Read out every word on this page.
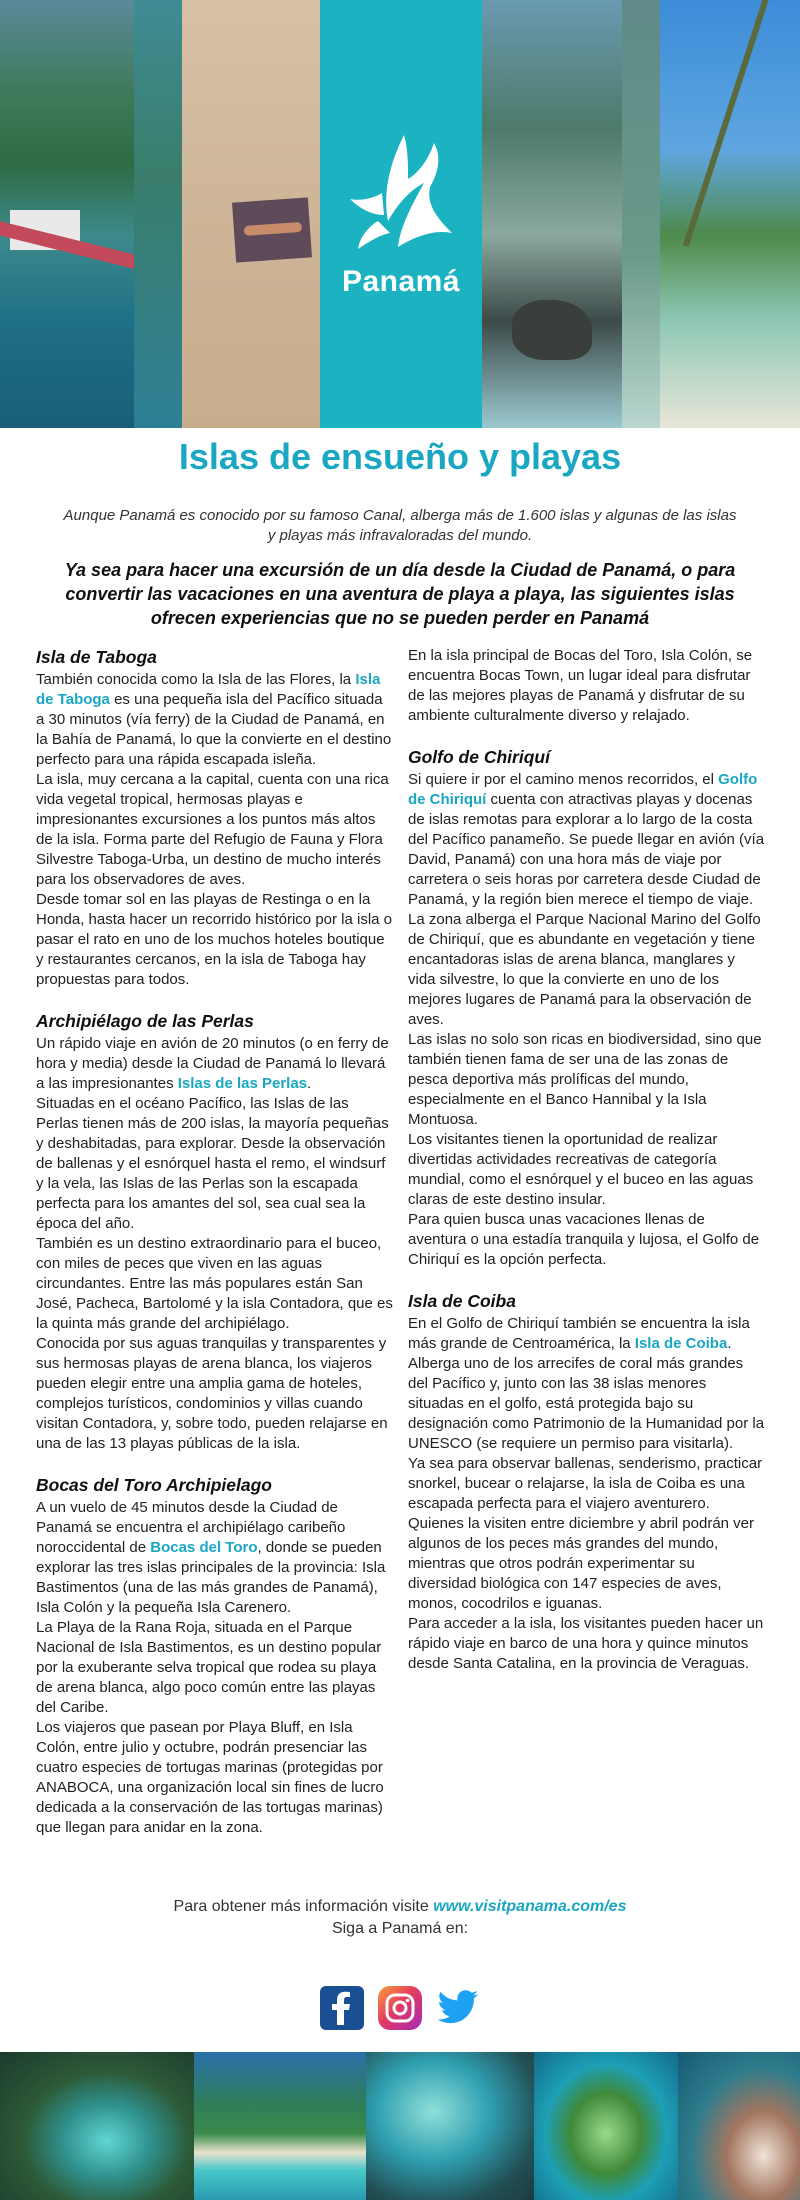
Panamá
Islas de ensueño y playas

Aunque Panamá es conocido por su famoso Canal, alberga más de 1.600 islas y algunas de las islas y playas más infravaloradas del mundo.

Ya sea para hacer una excursión de un día desde la Ciudad de Panamá, o para convertir las vacaciones en una aventura de playa a playa, las siguientes islas ofrecen experiencias que no se pueden perder en Panamá

Isla de Taboga

También conocida como la Isla de las Flores, la Isla de Taboga es una pequeña isla del Pacífico situada a 30 minutos (vía ferry) de la Ciudad de Panamá, en la Bahía de Panamá, lo que la convierte en el destino perfecto para una rápida escapada isleña.

La isla, muy cercana a la capital, cuenta con una rica vida vegetal tropical, hermosas playas e impresionantes excursiones a los puntos más altos de la isla. Forma parte del Refugio de Fauna y Flora Silvestre Taboga-Urba, un destino de mucho interés para los observadores de aves.

Desde tomar sol en las playas de Restinga o en la Honda, hasta hacer un recorrido histórico por la isla o pasar el rato en uno de los muchos hoteles boutique y restaurantes cercanos, en la isla de Taboga hay propuestas para todos.

Archipiélago de las Perlas

Un rápido viaje en avión de 20 minutos (o en ferry de hora y media) desde la Ciudad de Panamá lo llevará a las impresionantes Islas de las Perlas.

Situadas en el océano Pacífico, las Islas de las Perlas tienen más de 200 islas, la mayoría pequeñas y deshabitadas, para explorar. Desde la observación de ballenas y el esnórquel hasta el remo, el windsurf y la vela, las Islas de las Perlas son la escapada perfecta para los amantes del sol, sea cual sea la época del año.

También es un destino extraordinario para el buceo, con miles de peces que viven en las aguas circundantes. Entre las más populares están San José, Pacheca, Bartolomé y la isla Contadora, que es la quinta más grande del archipiélago.

Conocida por sus aguas tranquilas y transparentes y sus hermosas playas de arena blanca, los viajeros pueden elegir entre una amplia gama de hoteles, complejos turísticos, condominios y villas cuando visitan Contadora, y, sobre todo, pueden relajarse en una de las 13 playas públicas de la isla.

Bocas del Toro Archipielago

A un vuelo de 45 minutos desde la Ciudad de Panamá se encuentra el archipiélago caribeño noroccidental de Bocas del Toro, donde se pueden explorar las tres islas principales de la provincia: Isla Bastimentos (una de las más grandes de Panamá), Isla Colón y la pequeña Isla Carenero.

La Playa de la Rana Roja, situada en el Parque Nacional de Isla Bastimentos, es un destino popular por la exuberante selva tropical que rodea su playa de arena blanca, algo poco común entre las playas del Caribe.

Los viajeros que pasean por Playa Bluff, en Isla Colón, entre julio y octubre, podrán presenciar las cuatro especies de tortugas marinas (protegidas por ANABOCA, una organización local sin fines de lucro dedicada a la conservación de las tortugas marinas) que llegan para anidar en la zona.

En la isla principal de Bocas del Toro, Isla Colón, se encuentra Bocas Town, un lugar ideal para disfrutar de las mejores playas de Panamá y disfrutar de su ambiente culturalmente diverso y relajado.

Golfo de Chiriquí

Si quiere ir por el camino menos recorridos, el Golfo de Chiriquí cuenta con atractivas playas y docenas de islas remotas para explorar a lo largo de la costa del Pacífico panameño. Se puede llegar en avión (vía David, Panamá) con una hora más de viaje por carretera o seis horas por carretera desde Ciudad de Panamá, y la región bien merece el tiempo de viaje.

La zona alberga el Parque Nacional Marino del Golfo de Chiriquí, que es abundante en vegetación y tiene encantadoras islas de arena blanca, manglares y vida silvestre, lo que la convierte en uno de los mejores lugares de Panamá para la observación de aves.

Las islas no solo son ricas en biodiversidad, sino que también tienen fama de ser una de las zonas de pesca deportiva más prolíficas del mundo, especialmente en el Banco Hannibal y la Isla Montuosa.

Los visitantes tienen la oportunidad de realizar divertidas actividades recreativas de categoría mundial, como el esnórquel y el buceo en las aguas claras de este destino insular.

Para quien busca unas vacaciones llenas de aventura o una estadía tranquila y lujosa, el Golfo de Chiriquí es la opción perfecta.

Isla de Coiba

En el Golfo de Chiriquí también se encuentra la isla más grande de Centroamérica, la Isla de Coiba. Alberga uno de los arrecifes de coral más grandes del Pacífico y, junto con las 38 islas menores situadas en el golfo, está protegida bajo su designación como Patrimonio de la Humanidad por la UNESCO (se requiere un permiso para visitarla).

Ya sea para observar ballenas, senderismo, practicar snorkel, bucear o relajarse, la isla de Coiba es una escapada perfecta para el viajero aventurero.

Quienes la visiten entre diciembre y abril podrán ver algunos de los peces más grandes del mundo, mientras que otros podrán experimentar su diversidad biológica con 147 especies de aves, monos, cocodrilos e iguanas.

Para acceder a la isla, los visitantes pueden hacer un rápido viaje en barco de una hora y quince minutos desde Santa Catalina, en la provincia de Veraguas.

Para obtener más información visite www.visitpanama.com/es
Siga a Panamá en:
